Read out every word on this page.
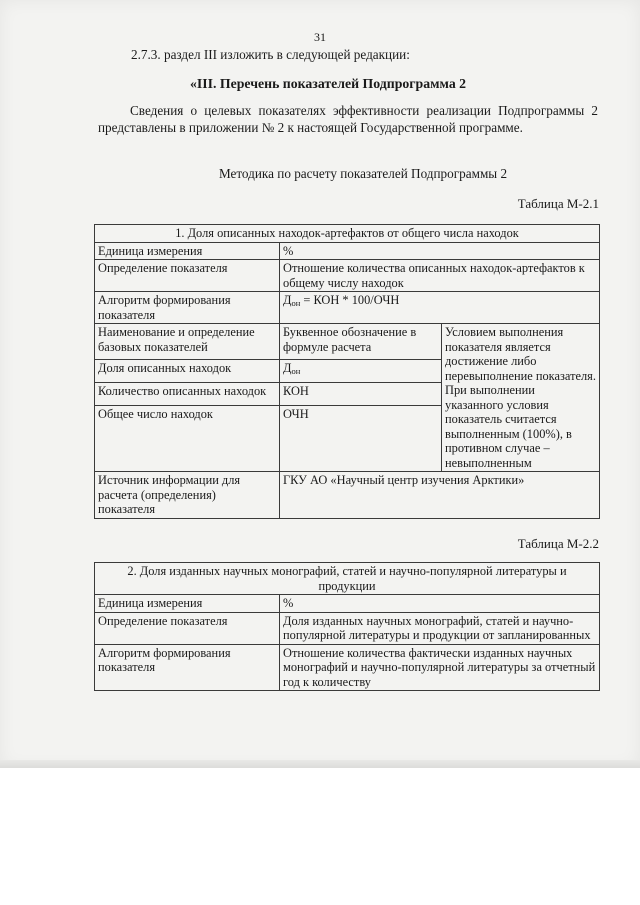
31
2.7.3. раздел III изложить в следующей редакции:
«III. Перечень показателей Подпрограмма 2
Сведения о целевых показателях эффективности реализации Подпрограммы 2 представлены в приложении № 2 к настоящей Государственной программе.
Методика по расчету показателей Подпрограммы 2
Таблица М-2.1
1. Доля описанных находок-артефактов от общего числа находок		
Единица измерения	%	
Определение показателя	Отношение количества описанных находок-артефактов к общему числу находок	
Алгоритм формирования показателя	$Д_{он}$ = КОН * 100/ОЧН	
Наименование и определение базовых показателей	Буквенное обозначение в формуле расчета	Условием выполнения показателя является достижение либо перевыполнение показателя. При выполнении указанного условия показатель считается выполненным (100%), в противном случае – невыполненным
Доля описанных находок	$Д_{он}$
Количество описанных находок	КОН	
Общее число находок	ОЧН	
Источник информации для расчета (определения) показателя	ГКУ АО «Научный центр изучения Арктики»	
Таблица М-2.2
2. Доля изданных научных монографий, статей и научно-популярной литературы и продукции	
Единица измерения	%
Определение показателя	Доля изданных научных монографий, статей и научно-популярной литературы и продукции от запланированных
Алгоритм формирования показателя	Отношение количества фактически изданных научных монографий и научно-популярной литературы за отчетный год к количеству
